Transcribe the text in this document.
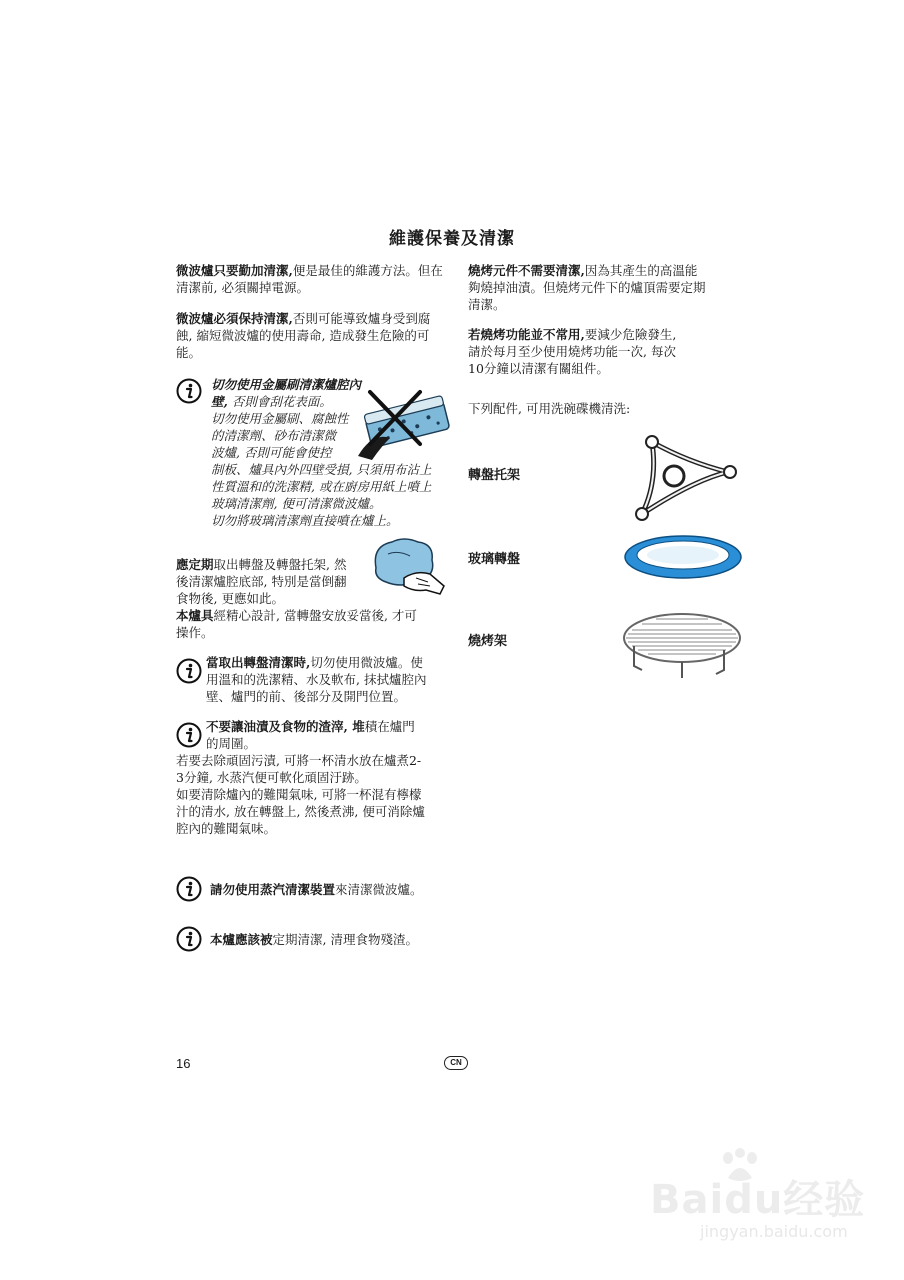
維護保養及清潔
微波爐只要勤加清潔,便是最佳的維護方法。但在清潔前, 必須關掉電源。
微波爐必須保持清潔,否則可能導致爐身受到腐蝕, 縮短微波爐的使用壽命, 造成發生危險的可能。
切勿使用金屬刷清潔爐腔內
壁, 否則會刮花表面。
切勿使用金屬刷、腐蝕性
的清潔劑、砂布清潔微
波爐, 否則可能會使控
制板、爐具內外四壁受損, 只須用布沾上
性質溫和的洗潔精, 或在廚房用紙上噴上
玻璃清潔劑, 便可清潔微波爐。
切勿將玻璃清潔劑直接噴在爐上。
應定期取出轉盤及轉盤托架, 然
後清潔爐腔底部, 特別是當倒翻
食物後, 更應如此。
本爐具經精心設計, 當轉盤安放妥當後, 才可
操作。
當取出轉盤清潔時,切勿使用微波爐。使
用溫和的洗潔精、水及軟布, 抹拭爐腔內
壁、爐門的前、後部分及開門位置。
不要讓油漬及食物的渣滓, 堆積在爐門
的周圍。
若要去除頑固污漬, 可將一杯清水放在爐煮2-
3分鐘, 水蒸汽便可軟化頑固汙跡。
如要清除爐內的難聞氣味, 可將一杯混有檸檬
汁的清水, 放在轉盤上, 然後煮沸, 便可消除爐
腔內的難聞氣味。
請勿使用蒸汽清潔裝置來清潔微波爐。
本爐應該被定期清潔, 清理食物殘渣。
燒烤元件不需要清潔,因為其產生的高溫能
夠燒掉油漬。但燒烤元件下的爐頂需要定期
清潔。
若燒烤功能並不常用,要減少危險發生,
請於每月至少使用燒烤功能一次, 每次
10分鐘以清潔有關組件。
下列配件, 可用洗碗碟機清洗:
轉盤托架
玻璃轉盤
燒烤架
16	CN
Baidu经验
jingyan.baidu.com
